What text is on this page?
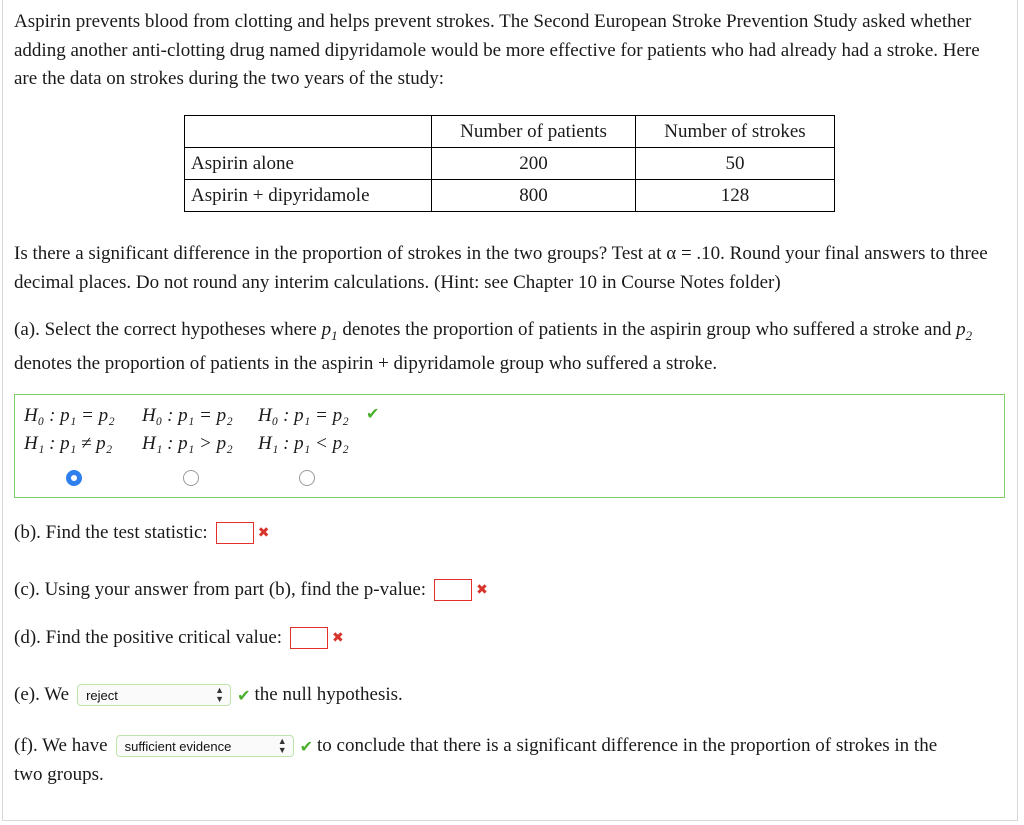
Aspirin prevents blood from clotting and helps prevent strokes. The Second European Stroke Prevention Study asked whether adding another anti-clotting drug named dipyridamole would be more effective for patients who had already had a stroke. Here are the data on strokes during the two years of the study:

	Number of patients	Number of strokes
Aspirin alone	200	50
Aspirin + dipyridamole	800	128

Is there a significant difference in the proportion of strokes in the two groups? Test at α = .10. Round your final answers to three decimal places. Do not round any interim calculations. (Hint: see Chapter 10 in Course Notes folder)

(a). Select the correct hypotheses where $p_1$ denotes the proportion of patients in the aspirin group who suffered a stroke and $p_2$ denotes the proportion of patients in the aspirin + dipyridamole group who suffered a stroke.

H₀ : p₁ = p₂
H₁ : p₁ ≠ p₂
H₀ : p₁ = p₂
H₁ : p₁ > p₂
H₀ : p₁ = p₂
H₁ : p₁ < p₂
✔
(b). Find the test statistic:	✖
(c). Using your answer from part (b), find the p-value:	✖
(d). Find the positive critical value:	✖
(e). We reject	▲
▼ ✔ the null hypothesis.
(f). We have sufficient evidence	▲
▼ ✔ to conclude that there is a significant difference in the proportion of strokes in the
two groups.
